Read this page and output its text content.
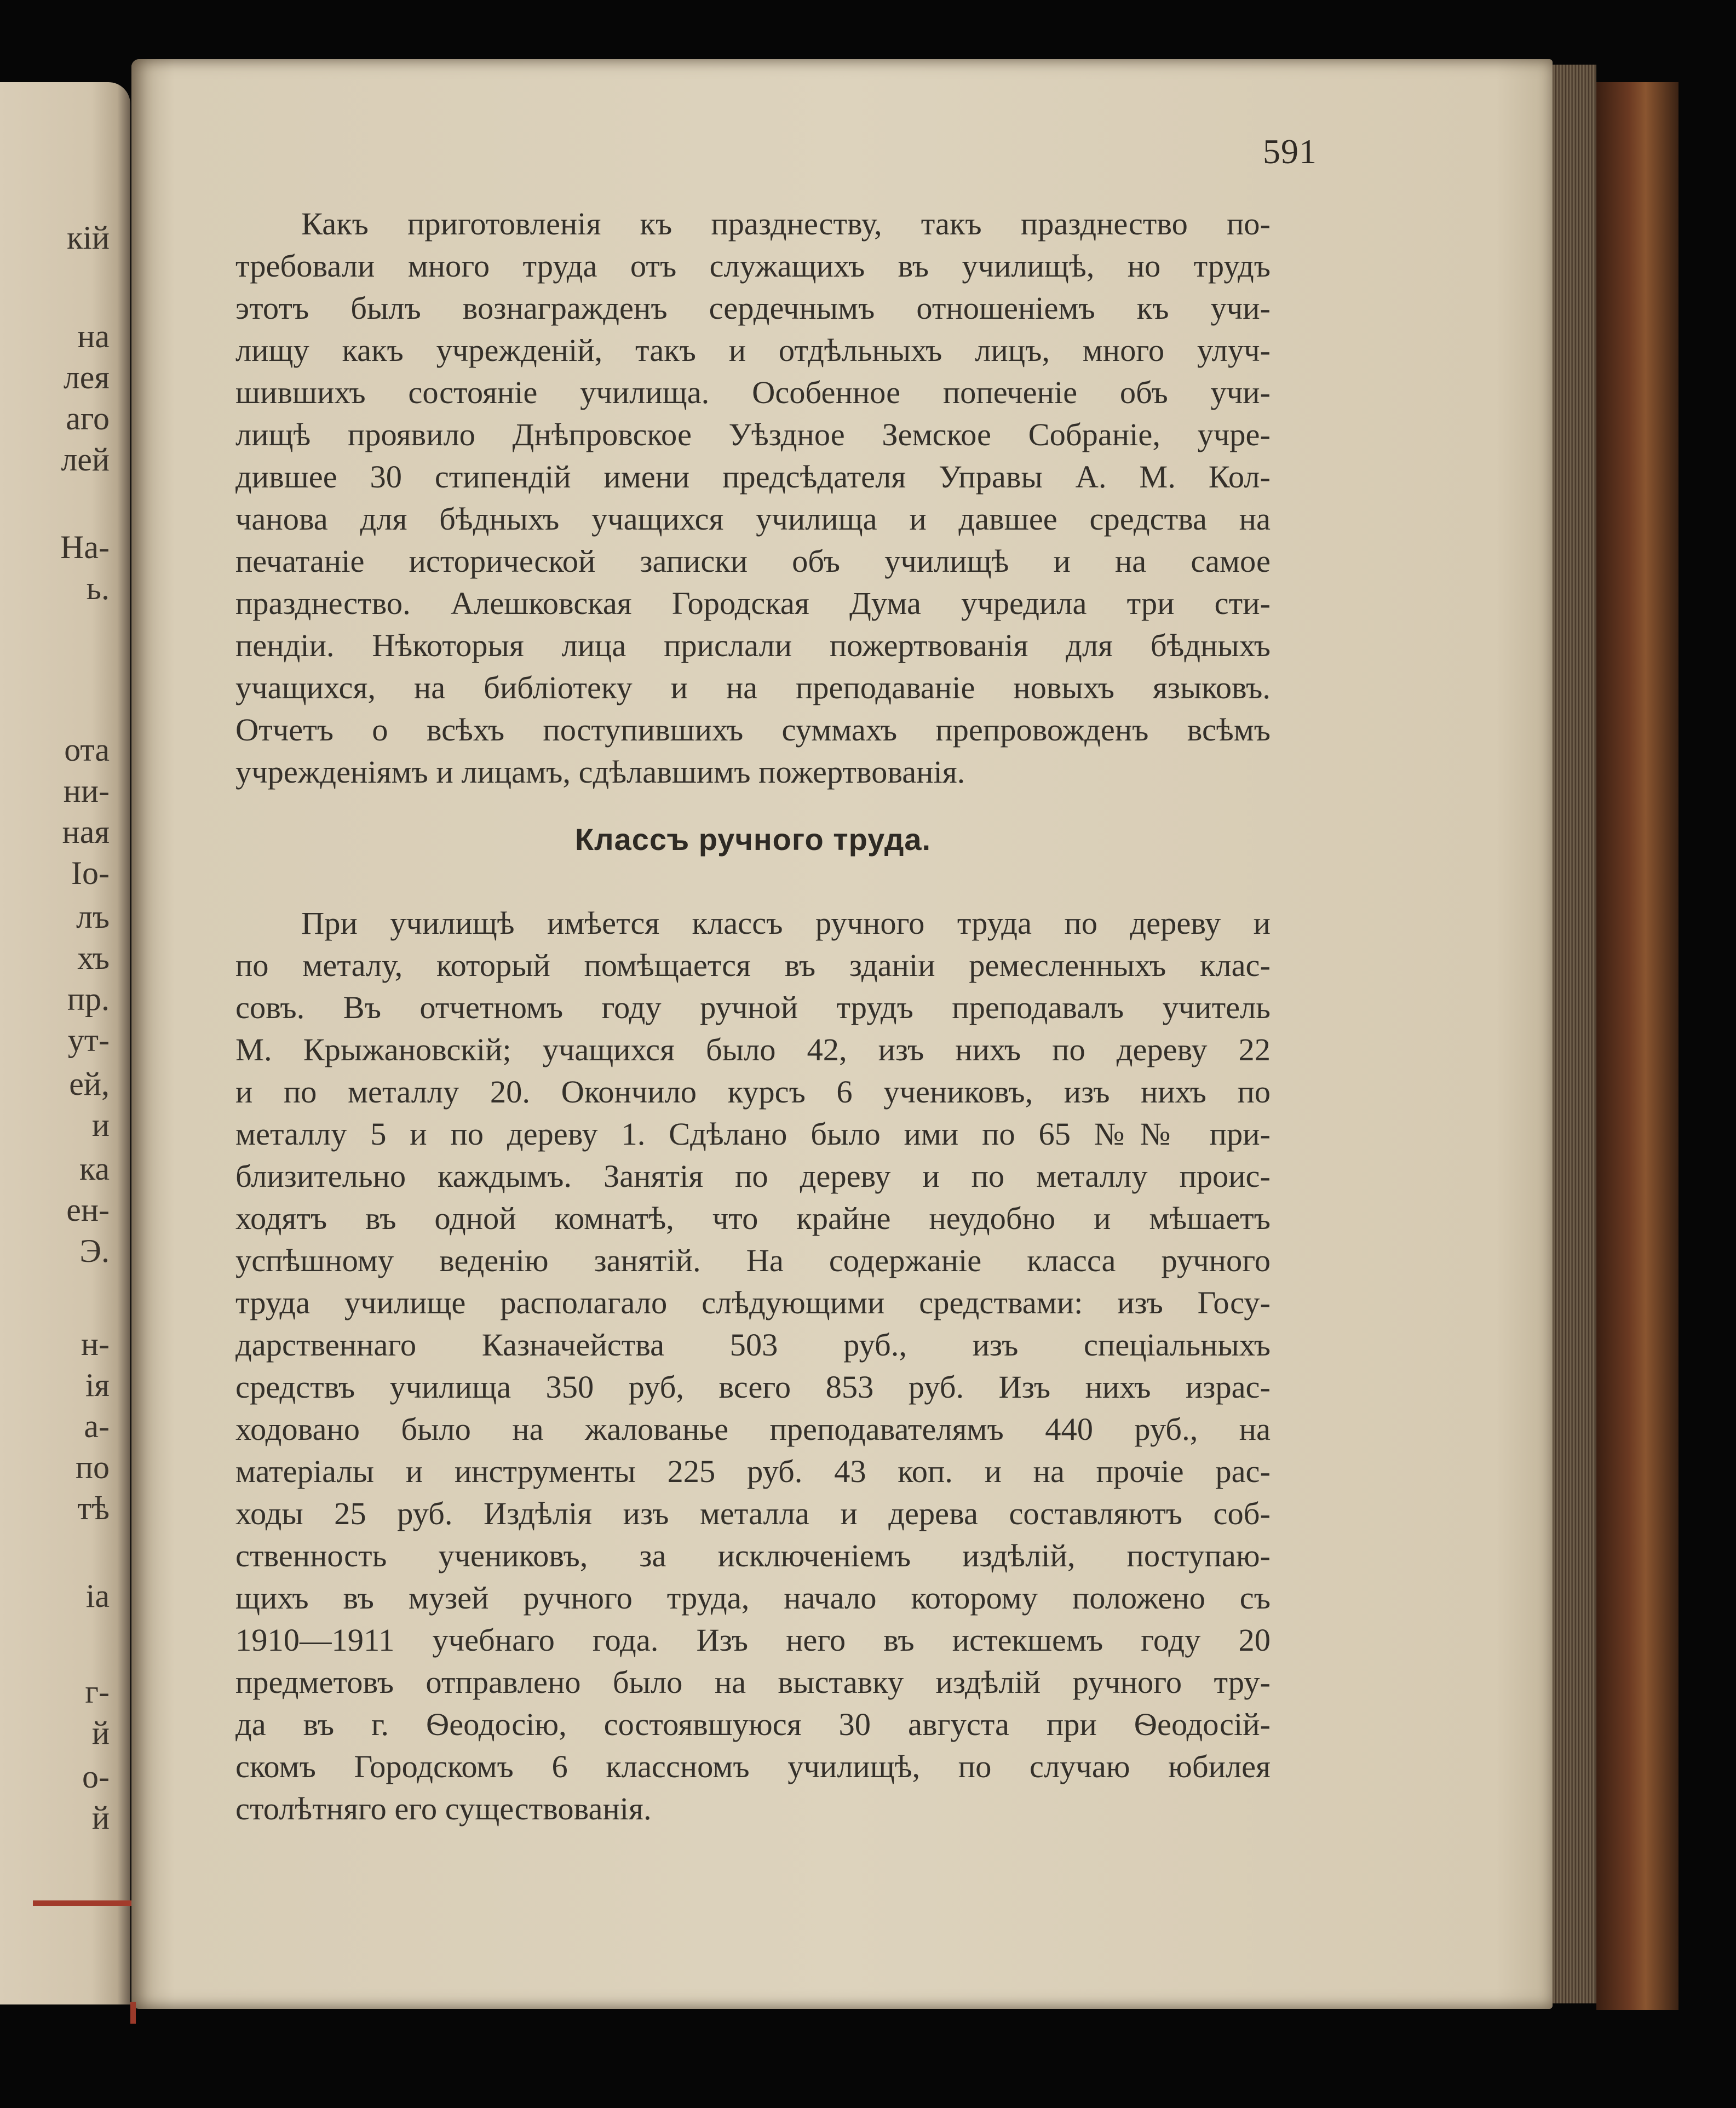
кій
на
лея
аго
лей
На-
ь.
ота
ни-
ная
Іо-
лъ
хъ
пр.
ут-
ей,
и
ка
ен-
Э.
н-
ія
а-
по
тѣ
іа
г-
й
о-
й
591

Какъ приготовленія къ празднеству, такъ празднество по-
требовали много труда отъ служащихъ въ училищѣ, но трудъ
этотъ былъ вознагражденъ сердечнымъ отношеніемъ къ учи-
лищу какъ учрежденій, такъ и отдѣльныхъ лицъ, много улуч-
шившихъ состояніе училища. Особенное попеченіе объ учи-
лищѣ проявило Днѣпровское Уѣздное Земское Собраніе, учре-
дившее 30 стипендій имени предсѣдателя Управы А. М. Кол-
чанова для бѣдныхъ учащихся училища и давшее средства на
печатаніе исторической записки объ училищѣ и на самое
празднество. Алешковская Городская Дума учредила три сти-
пендіи. Нѣкоторыя лица прислали пожертвованія для бѣдныхъ
учащихся, на библіотеку и на преподаваніе новыхъ языковъ.
Отчетъ о всѣхъ поступившихъ суммахъ препровожденъ всѣмъ
учрежденіямъ и лицамъ, сдѣлавшимъ пожертвованія.

Классъ ручного труда.

При училищѣ имѣется классъ ручного труда по дереву и
по металу, который помѣщается въ зданіи ремесленныхъ клас-
совъ. Въ отчетномъ году ручной трудъ преподавалъ учитель
М. Крыжановскій; учащихся было 42, изъ нихъ по дереву 22
и по металлу 20. Окончило курсъ 6 учениковъ, изъ нихъ по
металлу 5 и по дереву 1. Сдѣлано было ими по 65 №№ при-
близительно каждымъ. Занятія по дереву и по металлу проис-
ходятъ въ одной комнатѣ, что крайне неудобно и мѣшаетъ
успѣшному веденію занятій. На содержаніе класса ручного
труда училище располагало слѣдующими средствами: изъ Госу-
дарственнаго Казначейства 503 руб., изъ спеціальныхъ
средствъ училища 350 руб, всего 853 руб. Изъ нихъ израс-
ходовано было на жалованье преподавателямъ 440 руб., на
матеріалы и инструменты 225 руб. 43 коп. и на прочіе рас-
ходы 25 руб. Издѣлія изъ металла и дерева составляютъ соб-
ственность учениковъ, за исключеніемъ издѣлій, поступаю-
щихъ въ музей ручного труда, начало которому положено съ
1910—1911 учебнаго года. Изъ него въ истекшемъ году 20
предметовъ отправлено было на выставку издѣлій ручного тру-
да въ г. Ѳеодосію, состоявшуюся 30 августа при Ѳеодосій-
скомъ Городскомъ 6 классномъ училищѣ, по случаю юбилея
столѣтняго его существованія.
